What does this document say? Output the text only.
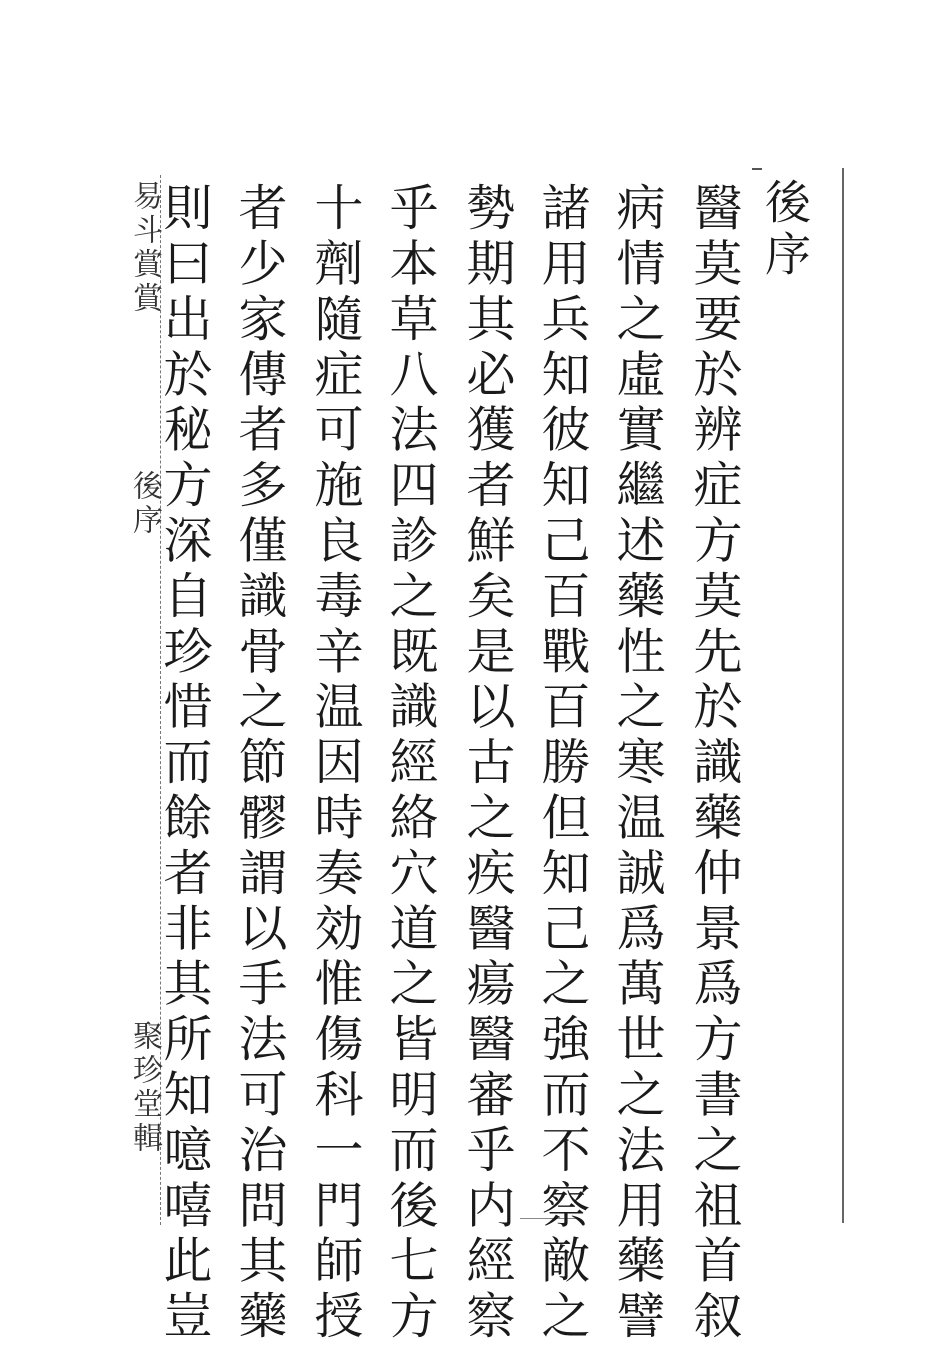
後序
醫莫要於辨症方莫先於識藥仲景爲方書之祖首叙
病情之虛實繼述藥性之寒温誠爲萬世之法用藥譬
諸用兵知彼知己百戰百勝但知己之強而不察敵之
勢期其必獲者鮮矣是以古之疾醫瘍醫審乎内經察
乎本草八法四診之既識經絡穴道之皆明而後七方
十劑隨症可施良毒辛温因時奏効惟傷科一門師授
者少家傳者多僅識骨之節髎謂以手法可治問其藥
則曰出於秘方深自珍惜而餘者非其所知噫嘻此豈
易斗賞賞
後序
聚珍堂輯
